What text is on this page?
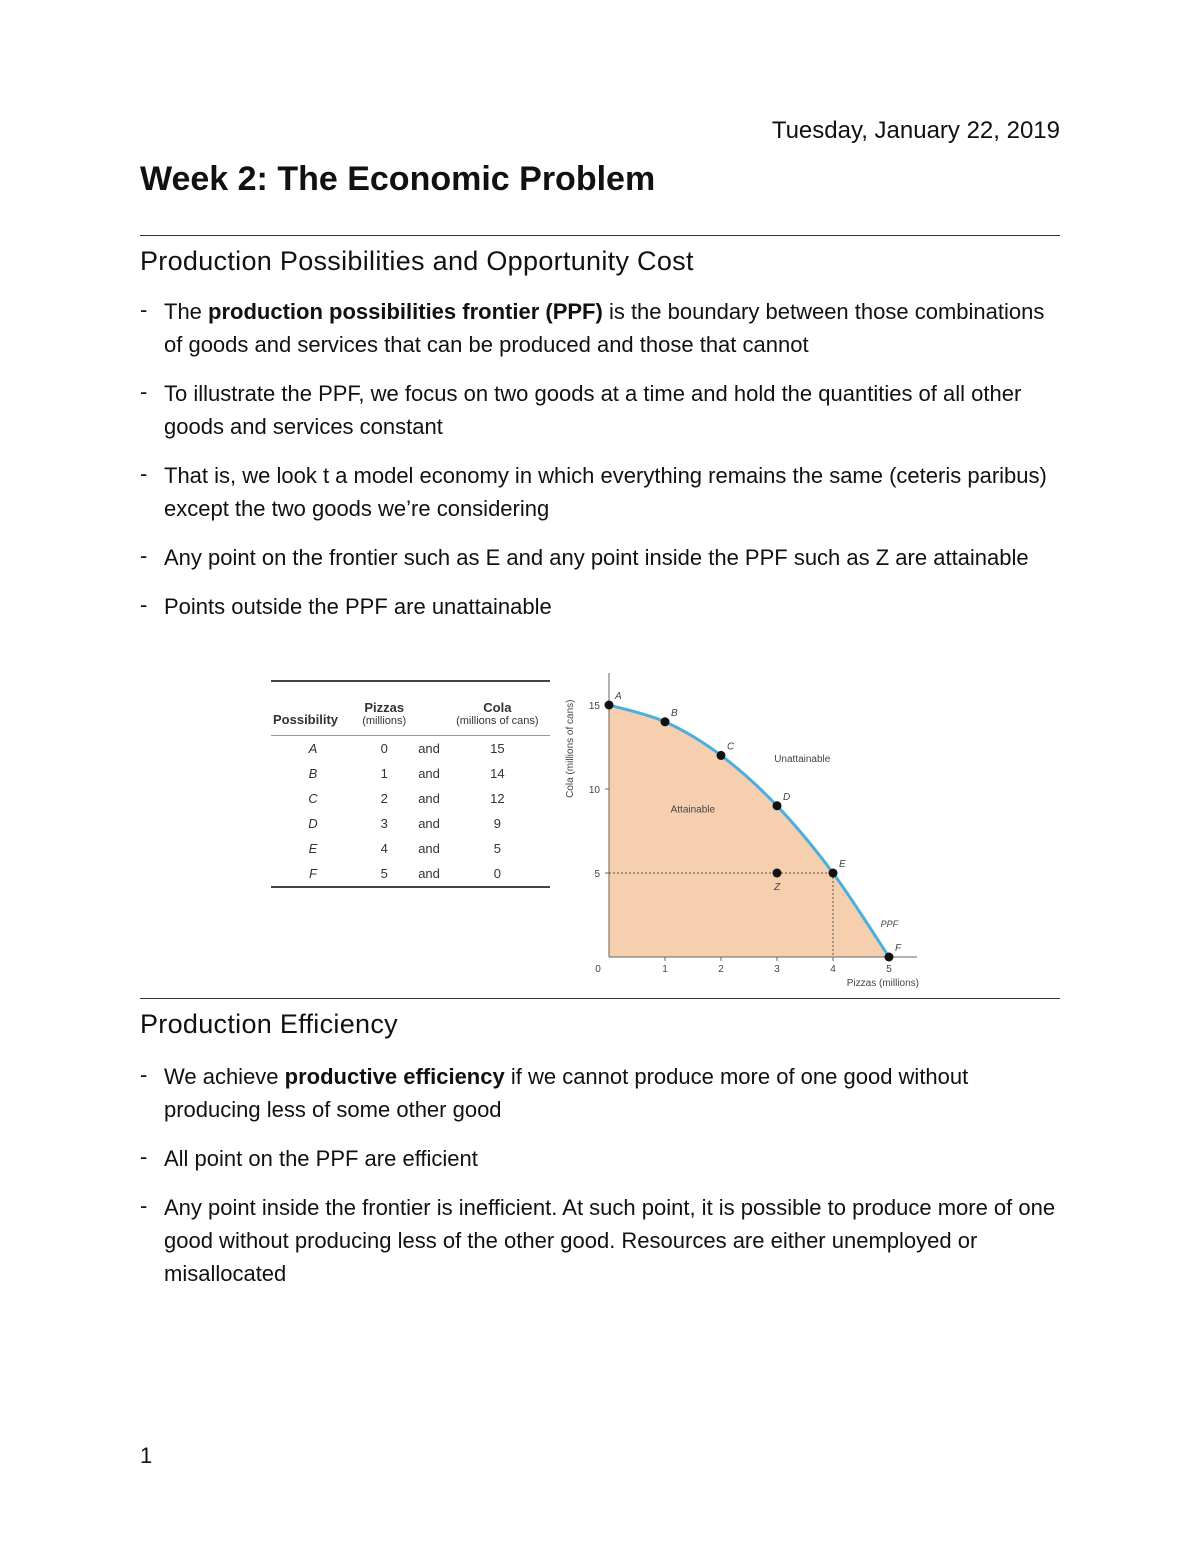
Tuesday, January 22, 2019
Week 2: The Economic Problem
Production Possibilities and Opportunity Cost
- The production possibilities frontier (PPF) is the boundary between those combinations of goods and services that can be produced and those that cannot
- To illustrate the PPF, we focus on two goods at a time and hold the quantities of all other goods and services constant
- That is, we look t a model economy in which everything remains the same (ceteris paribus) except the two goods we’re considering
- Any point on the frontier such as E and any point inside the PPF such as Z are attainable
- Points outside the PPF are unattainable
Possibility	Pizzas
(millions)		Cola
(millions of cans)

A	0	and	15
B	1	and	14
C	2	and	12
D	3	and	9
E	4	and	5
F	5	and	0
0	1	2	3	4	5
5
10
15
Pizzas (millions)
Cola (millions of cans)
Attainable
Unattainable
PPF
A
B
C
D
E
F
Z
Production Efficiency
- We achieve productive efficiency if we cannot produce more of one good without producing less of some other good
- All point on the PPF are efficient
- Any point inside the frontier is inefficient. At such point, it is possible to produce more of one good without producing less of the other good. Resources are either unemployed or misallocated
1
